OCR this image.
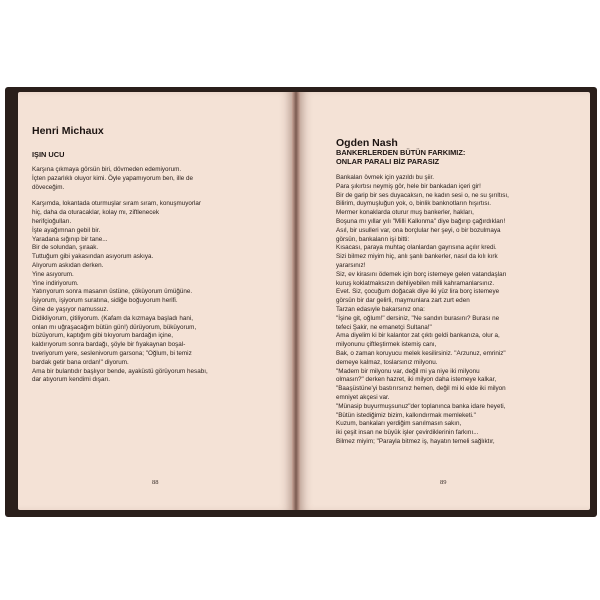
Henri Michaux
IŞIN UCU
Karşına çıkmaya görsün biri, dövmeden edemiyorum.
İçten pazarlıklı oluyor kimi. Öyle yapamıyorum ben, ille de
döveceğim.
Karşımda, lokantada oturmuşlar sıram sıram, konuşmuyorlar
hiç, daha da oturacaklar, kolay mı, ziftlenecek
herifçioğulları.
İşte ayağımnan gebil bir.
Yaradana sığınıp bir tane...
Bir de solundan, şıraak.
Tuttuğum gibi yakasından asıyorum askıya.
Alıyorum askıdan derken.
Yine asıyorum.
Yine indiriyorum.
Yatırıyorum sonra masanın üstüne, çöküyorum ümüğüne.
İşiyorum, işiyorum suratına, sidiğe boğuyorum herifi.
Gine de yaşıyor namussuz.
Didikliyorum, çitiliyorum. (Kafam da kızmaya başladı hani,
onlan mı uğraşacağım bütün gün!) dürüyorum, büküyorum,
büzüyorum, kaptığım gibi tıkıyorum bardağın içine,
kaldırıyorum sonra bardağı, şöyle bir fıyakaynan boşal-
tıveriyorum yere, seslenivorum garsona; "Oğlum, bi temiz
bardak getir bana ordan!" diyorum.
Ama bir bulantıdır başlıyor bende, ayaküstü görüyorum hesabı,
dar atıyorum kendimi dışarı.
88
Ogden Nash
BANKERLERDEN BÜTÜN FARKIMIZ:
ONLAR PARALI BİZ PARASIZ
Bankaları övmek için yazıldı bu şiir.
Para şıkırtısı neymiş gör, hele bir bankadan içeri gir!
Bir de garip bir ses duyacaksın, ne kadın sesi o, ne su şırıltısı,
Bilirim, duymuşluğun yok, o, binlik banknotların hışırtısı.
Mermer konaklarda oturur muş bankerler, hakları,
Boşuna mı yıllar yılı "Milli Kalkınma" diye bağırıp çağırdıkları!
Asıl, bir usulleri var, ona borçlular her şeyi, o bir bozulmaya
görsün, bankaların işi bitti:
Kısacası, paraya muhtaç olanlardan gayrısına açılır kredi.
Sizi bilmez miyim hiç, anlı şanlı bankerler, nasıl da kılı kırk
yararsınız!
Siz, ev kirasını ödemek için borç istemeye gelen vatandaşları
kuruş koklatmaksızın dehliyebilen milli kahramanlarsınız.
Evet. Siz, çocuğum doğacak diye iki yüz lira borç istemeye
görsün bir dar gelirli, maymunlara zart zurt eden
Tarzan edasıyle bakarsınız ona:
"İşine git, oğlum!" dersiniz, "Ne sandın burasını? Burası ne
tefeci Şakir, ne emanetçi Sultana!"
Ama diyelim ki bir kalantor zat çıktı geldi bankanıza, olur a,
milyonunu çiftleştirmek istemiş canı,
Bak, o zaman koruyucu melek kesilirsiniz. "Arzunuz, emriniz"
demeye kalmaz, toslarsınız milyonu.
"Madem bir milyonu var, değil mi ya niye iki milyonu
olmasın?" derken hazret, iki milyon daha istemeye kalkar,
"Baaşüstüne'yi bastırırsınız hemen, değil mi ki elde iki milyon
emniyet akçesi var.
"Münasip buyurmuşsunuz"der toplanınca banka idare heyeti,
"Bütün istediğimiz bizim, kalkındırmak memleketi."
Kuzum, bankaları yerdiğim sanılmasın sakın,
iki çeşit insan ne büyük işler çevirdiklerinin farkını...
Bilmez miyim; "Parayla bitmez iş, hayatın temeli sağlıktır,
89
